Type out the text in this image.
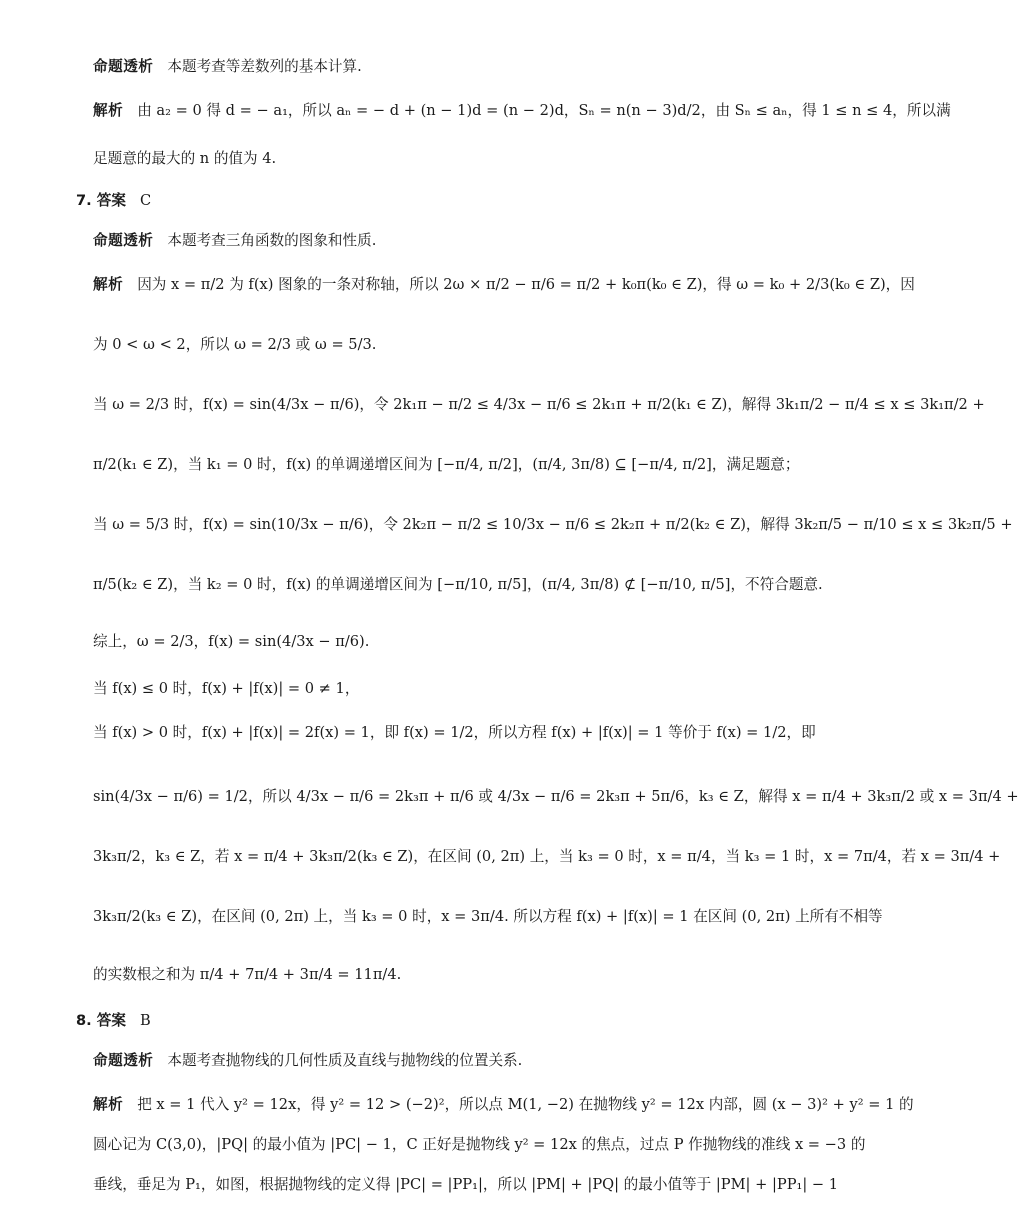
命题透析 本题考查等差数列的基本计算.
解析 由 a₂ = 0 得 d = − a₁，所以 aₙ = − d + (n − 1)d = (n − 2)d，Sₙ = n(n − 3)d/2，由 Sₙ ≤ aₙ，得 1 ≤ n ≤ 4，所以满
足题意的最大的 n 的值为 4.
7. 答案 C
命题透析 本题考查三角函数的图象和性质.
解析 因为 x = π/2 为 f(x) 图象的一条对称轴，所以 2ω × π/2 − π/6 = π/2 + k₀π(k₀ ∈ Z)，得 ω = k₀ + 2/3(k₀ ∈ Z)，因
为 0 < ω < 2，所以 ω = 2/3 或 ω = 5/3.
当 ω = 2/3 时，f(x) = sin(4/3x − π/6)，令 2k₁π − π/2 ≤ 4/3x − π/6 ≤ 2k₁π + π/2(k₁ ∈ Z)，解得 3k₁π/2 − π/4 ≤ x ≤ 3k₁π/2 +
π/2(k₁ ∈ Z)，当 k₁ = 0 时，f(x) 的单调递增区间为 [−π/4, π/2]，(π/4, 3π/8) ⊆ [−π/4, π/2]，满足题意；
当 ω = 5/3 时，f(x) = sin(10/3x − π/6)，令 2k₂π − π/2 ≤ 10/3x − π/6 ≤ 2k₂π + π/2(k₂ ∈ Z)，解得 3k₂π/5 − π/10 ≤ x ≤ 3k₂π/5 +
π/5(k₂ ∈ Z)，当 k₂ = 0 时，f(x) 的单调递增区间为 [−π/10, π/5]，(π/4, 3π/8) ⊄ [−π/10, π/5]，不符合题意.
综上，ω = 2/3，f(x) = sin(4/3x − π/6).
当 f(x) ≤ 0 时，f(x) + |f(x)| = 0 ≠ 1，
当 f(x) > 0 时，f(x) + |f(x)| = 2f(x) = 1，即 f(x) = 1/2，所以方程 f(x) + |f(x)| = 1 等价于 f(x) = 1/2，即
sin(4/3x − π/6) = 1/2，所以 4/3x − π/6 = 2k₃π + π/6 或 4/3x − π/6 = 2k₃π + 5π/6，k₃ ∈ Z，解得 x = π/4 + 3k₃π/2 或 x = 3π/4 +
3k₃π/2，k₃ ∈ Z，若 x = π/4 + 3k₃π/2(k₃ ∈ Z)，在区间 (0, 2π) 上，当 k₃ = 0 时，x = π/4，当 k₃ = 1 时，x = 7π/4，若 x = 3π/4 +
3k₃π/2(k₃ ∈ Z)，在区间 (0, 2π) 上，当 k₃ = 0 时，x = 3π/4. 所以方程 f(x) + |f(x)| = 1 在区间 (0, 2π) 上所有不相等
的实数根之和为 π/4 + 7π/4 + 3π/4 = 11π/4.
8. 答案 B
命题透析 本题考查抛物线的几何性质及直线与抛物线的位置关系.
解析 把 x = 1 代入 y² = 12x，得 y² = 12 > (−2)²，所以点 M(1, −2) 在抛物线 y² = 12x 内部，圆 (x − 3)² + y² = 1 的
圆心记为 C(3,0)，|PQ| 的最小值为 |PC| − 1，C 正好是抛物线 y² = 12x 的焦点，过点 P 作抛物线的准线 x = −3 的
垂线，垂足为 P₁，如图，根据抛物线的定义得 |PC| = |PP₁|，所以 |PM| + |PQ| 的最小值等于 |PM| + |PP₁| − 1
